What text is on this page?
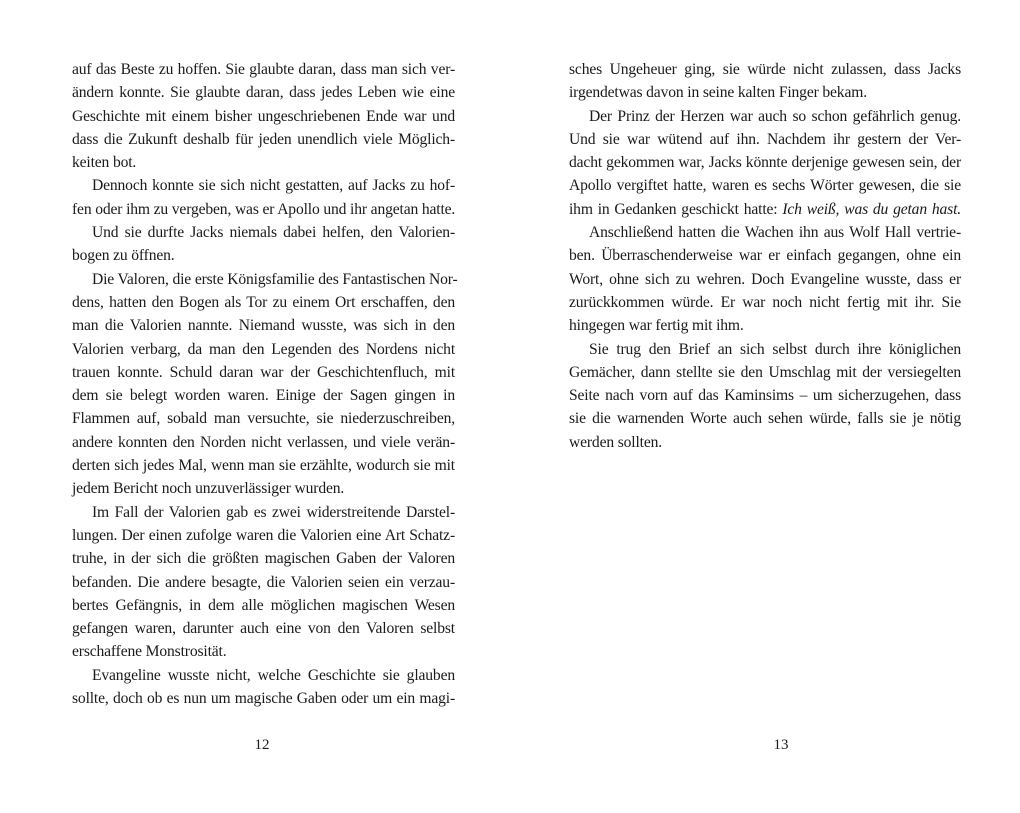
auf das Beste zu hoffen. Sie glaubte daran, dass man sich ver-
ändern konnte. Sie glaubte daran, dass jedes Leben wie eine
Geschichte mit einem bisher ungeschriebenen Ende war und
dass die Zukunft deshalb für jeden unendlich viele Möglich-
keiten bot.
Dennoch konnte sie sich nicht gestatten, auf Jacks zu hof-
fen oder ihm zu vergeben, was er Apollo und ihr angetan hatte.
Und sie durfte Jacks niemals dabei helfen, den Valorien-
bogen zu öffnen.
Die Valoren, die erste Königsfamilie des Fantastischen Nor-
dens, hatten den Bogen als Tor zu einem Ort erschaffen, den
man die Valorien nannte. Niemand wusste, was sich in den
Valorien verbarg, da man den Legenden des Nordens nicht
trauen konnte. Schuld daran war der Geschichtenfluch, mit
dem sie belegt worden waren. Einige der Sagen gingen in
Flammen auf, sobald man versuchte, sie niederzuschreiben,
andere konnten den Norden nicht verlassen, und viele verän-
derten sich jedes Mal, wenn man sie erzählte, wodurch sie mit
jedem Bericht noch unzuverlässiger wurden.
Im Fall der Valorien gab es zwei widerstreitende Darstel-
lungen. Der einen zufolge waren die Valorien eine Art Schatz-
truhe, in der sich die größten magischen Gaben der Valoren
befanden. Die andere besagte, die Valorien seien ein verzau-
bertes Gefängnis, in dem alle möglichen magischen Wesen
gefangen waren, darunter auch eine von den Valoren selbst
erschaffene Monstrosität.
Evangeline wusste nicht, welche Geschichte sie glauben
sollte, doch ob es nun um magische Gaben oder um ein magi-
12
sches Ungeheuer ging, sie würde nicht zulassen, dass Jacks
irgendetwas davon in seine kalten Finger bekam.
Der Prinz der Herzen war auch so schon gefährlich genug.
Und sie war wütend auf ihn. Nachdem ihr gestern der Ver-
dacht gekommen war, Jacks könnte derjenige gewesen sein, der
Apollo vergiftet hatte, waren es sechs Wörter gewesen, die sie
ihm in Gedanken geschickt hatte: Ich weiß, was du getan hast.
Anschließend hatten die Wachen ihn aus Wolf Hall vertrie-
ben. Überraschenderweise war er einfach gegangen, ohne ein
Wort, ohne sich zu wehren. Doch Evangeline wusste, dass er
zurückkommen würde. Er war noch nicht fertig mit ihr. Sie
hingegen war fertig mit ihm.
Sie trug den Brief an sich selbst durch ihre königlichen
Gemächer, dann stellte sie den Umschlag mit der versiegelten
Seite nach vorn auf das Kaminsims – um sicherzugehen, dass
sie die warnenden Worte auch sehen würde, falls sie je nötig
werden sollten.
13
